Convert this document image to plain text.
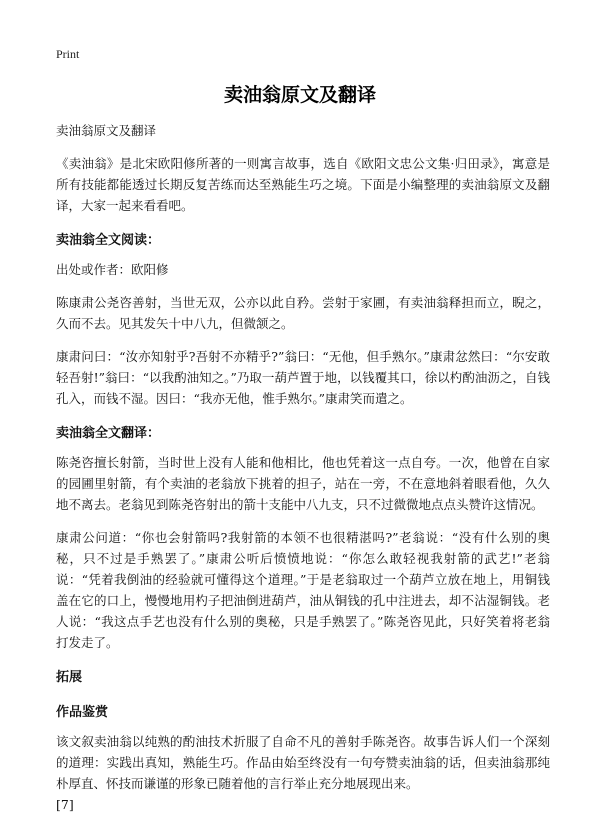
Print
卖油翁原文及翻译

卖油翁原文及翻译

《卖油翁》是北宋欧阳修所著的一则寓言故事，选自《欧阳文忠公文集·归田录》，寓意是所有技能都能透过长期反复苦练而达至熟能生巧之境。下面是小编整理的卖油翁原文及翻译，大家一起来看看吧。

卖油翁全文阅读：

出处或作者：欧阳修

陈康肃公尧咨善射，当世无双，公亦以此自矜。尝射于家圃，有卖油翁释担而立，睨之，久而不去。见其发矢十中八九，但微颔之。

康肃问曰：“汝亦知射乎?吾射不亦精乎?”翁曰：“无他，但手熟尔。”康肃忿然曰：“尔安敢轻吾射!”翁曰：“以我酌油知之。”乃取一葫芦置于地，以钱覆其口，徐以杓酌油沥之，自钱孔入，而钱不湿。因曰：“我亦无他，惟手熟尔。”康肃笑而遣之。

卖油翁全文翻译：

陈尧咨擅长射箭，当时世上没有人能和他相比，他也凭着这一点自夸。一次，他曾在自家的园圃里射箭，有个卖油的老翁放下挑着的担子，站在一旁，不在意地斜着眼看他，久久地不离去。老翁见到陈尧咨射出的箭十支能中八九支，只不过微微地点点头赞许这情况。

康肃公问道：“你也会射箭吗?我射箭的本领不也很精湛吗?”老翁说：“没有什么别的奥秘，只不过是手熟罢了。”康肃公听后愤愤地说：“你怎么敢轻视我射箭的武艺!”老翁说：“凭着我倒油的经验就可懂得这个道理。”于是老翁取过一个葫芦立放在地上，用铜钱盖在它的口上，慢慢地用杓子把油倒进葫芦，油从铜钱的孔中注进去，却不沾湿铜钱。老人说：“我这点手艺也没有什么别的奥秘，只是手熟罢了。”陈尧咨见此，只好笑着将老翁打发走了。

拓展
作品鉴赏

该文叙卖油翁以纯熟的酌油技术折服了自命不凡的善射手陈尧咨。故事告诉人们一个深刻的道理：实践出真知，熟能生巧。作品由始至终没有一句夸赞卖油翁的话，但卖油翁那纯朴厚直、怀技而谦谨的形象已随着他的言行举止充分地展现出来。

[7]
